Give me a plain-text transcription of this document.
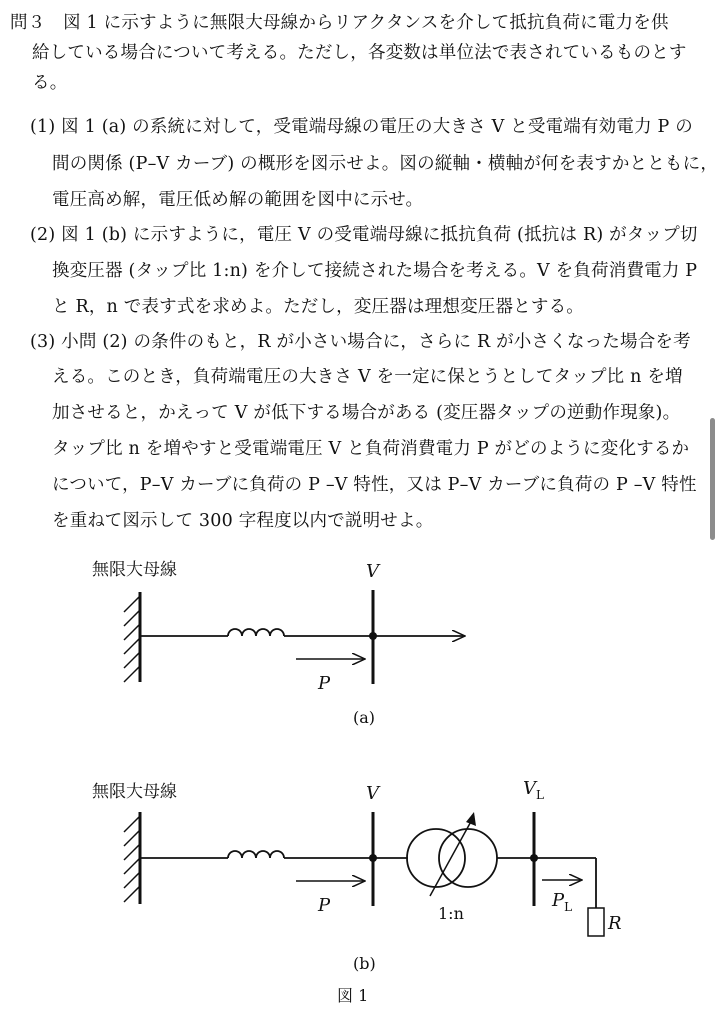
問３　図 1 に示すように無限大母線からリアクタンスを介して抵抗負荷に電力を供
給している場合について考える。ただし，各変数は単位法で表されているものとす
る。
(1) 図 1 (a) の系統に対して，受電端母線の電圧の大きさ V と受電端有効電力 P の
間の関係 (P–V カーブ) の概形を図示せよ。図の縦軸・横軸が何を表すかとともに，
電圧高め解，電圧低め解の範囲を図中に示せ。
(2) 図 1 (b) に示すように，電圧 V の受電端母線に抵抗負荷 (抵抗は R) がタップ切
換変圧器 (タップ比 1:n) を介して接続された場合を考える。V を負荷消費電力 P
と R，n で表す式を求めよ。ただし，変圧器は理想変圧器とする。
(3) 小問 (2) の条件のもと，R が小さい場合に，さらに R が小さくなった場合を考
える。このとき，負荷端電圧の大きさ V を一定に保とうとしてタップ比 n を増
加させると，かえって V が低下する場合がある (変圧器タップの逆動作現象)。
タップ比 n を増やすと受電端電圧 V と負荷消費電力 P がどのように変化するか
について，P–V カーブに負荷の P –V 特性，又は P–V カーブに負荷の P –V 特性
を重ねて図示して 300 字程度以内で説明せよ。
無限大母線	V
P
(a)
無限大母線	V	$V_L$
1:n	R
P	$P_L$
(b)
図 1
